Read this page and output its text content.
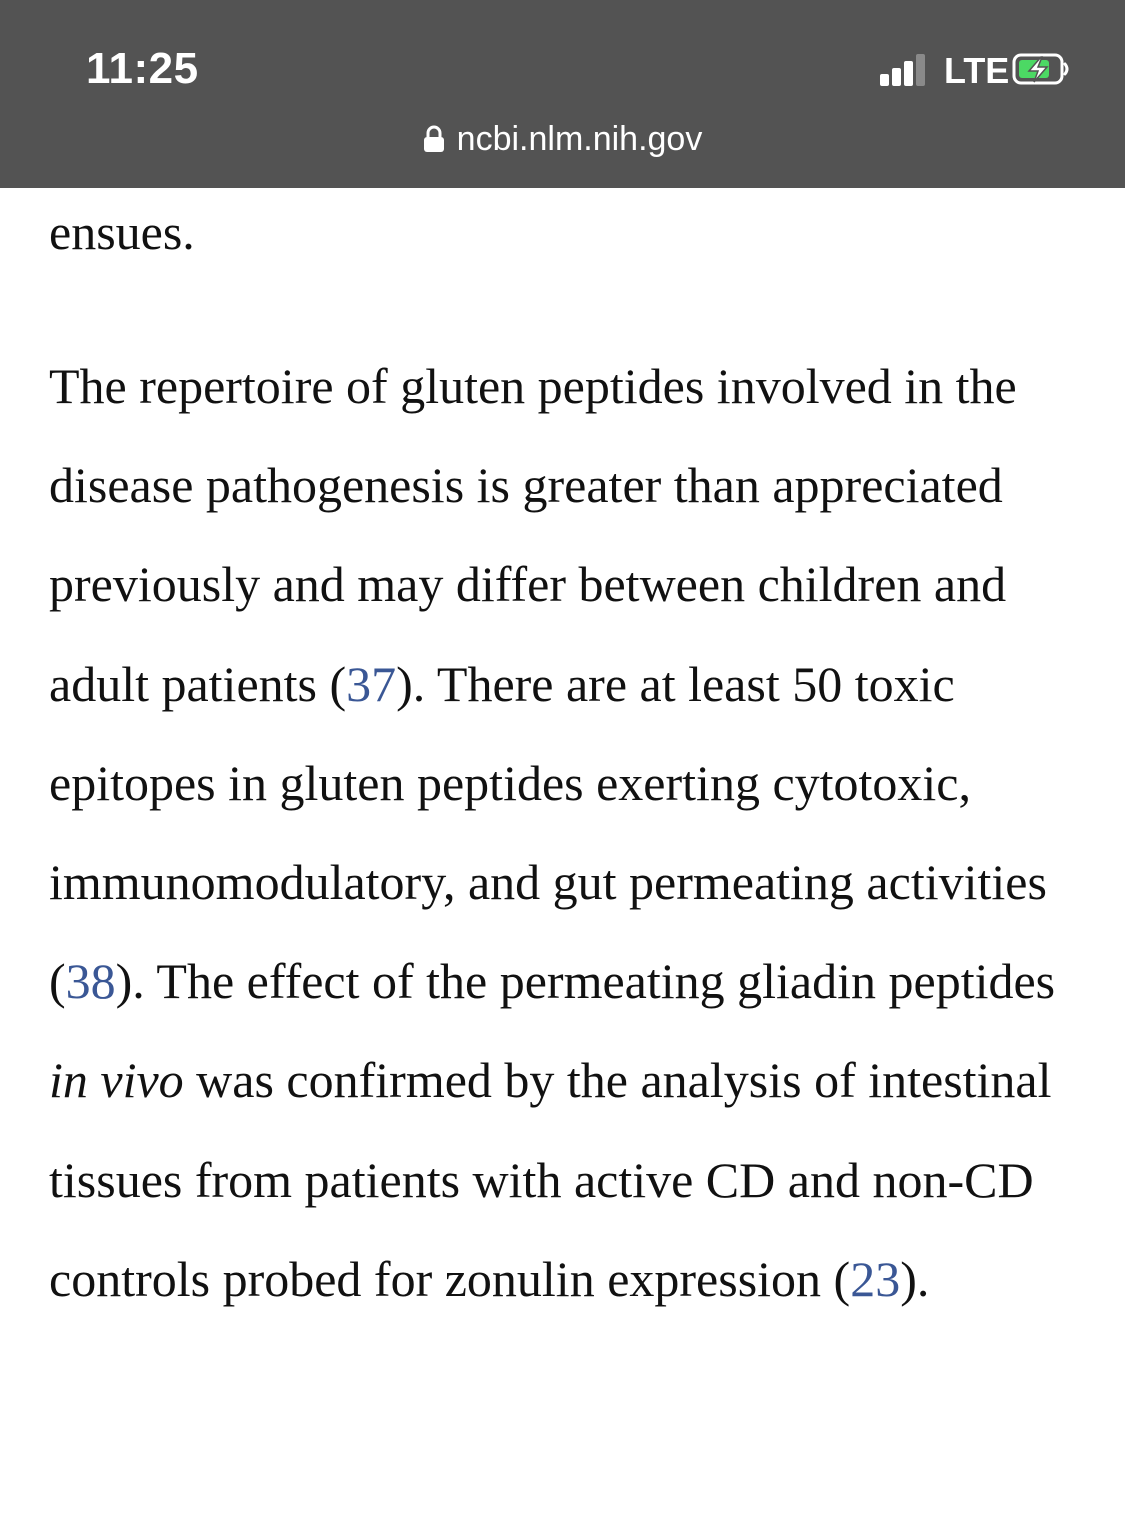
11:25	LTE
ncbi.nlm.nih.gov

ensues.

The repertoire of gluten peptides involved in the disease pathogenesis is greater than appreciated previously and may differ between children and adult patients (37). There are at least 50 toxic epitopes in gluten peptides exerting cytotoxic, immunomodulatory, and gut permeating activities (38). The effect of the permeating gliadin peptides in vivo was confirmed by the analysis of intestinal tissues from patients with active CD and non-CD controls probed for zonulin expression (23).
